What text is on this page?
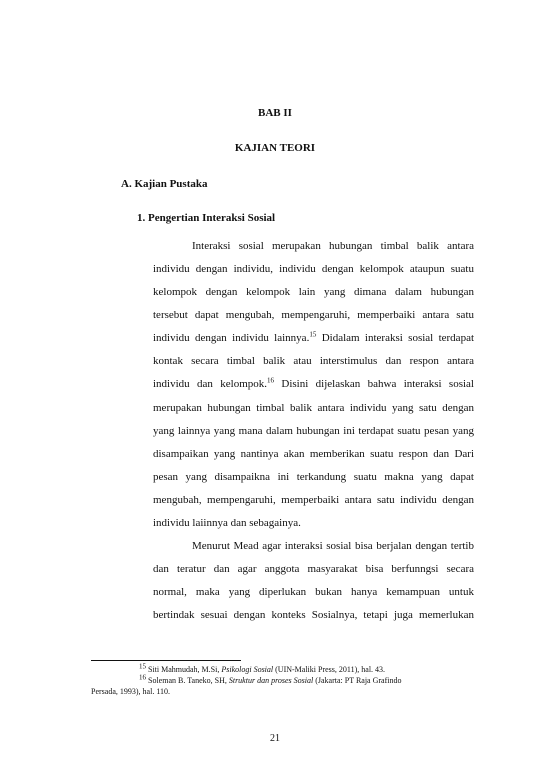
BAB II
KAJIAN TEORI
A. Kajian Pustaka
1. Pengertian Interaksi Sosial
Interaksi sosial merupakan hubungan timbal balik antara
individu dengan individu, individu dengan kelompok ataupun suatu
kelompok dengan kelompok lain yang dimana dalam hubungan
tersebut dapat mengubah, mempengaruhi, memperbaiki antara satu
individu dengan individu lainnya.$^{15}$ Didalam interaksi sosial terdapat
kontak secara timbal balik atau interstimulus dan respon antara
individu dan kelompok.$^{16}$ Disini dijelaskan bahwa interaksi sosial
merupakan hubungan timbal balik antara individu yang satu dengan
yang lainnya yang mana dalam hubungan ini terdapat suatu pesan yang
disampaikan yang nantinya akan memberikan suatu respon dan Dari
pesan yang disampaikna ini terkandung suatu makna yang dapat
mengubah, mempengaruhi, memperbaiki antara satu individu dengan
individu laiinnya dan sebagainya.
Menurut Mead agar interaksi sosial bisa berjalan dengan tertib
dan teratur dan agar anggota masyarakat bisa berfunngsi secara
normal, maka yang diperlukan bukan hanya kemampuan untuk
bertindak sesuai dengan konteks Sosialnya, tetapi juga memerlukan
$^{15}$ Siti Mahmudah, M.Si, Psikologi Sosial (UIN-Maliki Press, 2011), hal. 43.
$^{16}$ Soleman B. Taneko, SH, Struktur dan proses Sosial (Jakarta: PT Raja Grafindo
Persada, 1993), hal. 110.
21
